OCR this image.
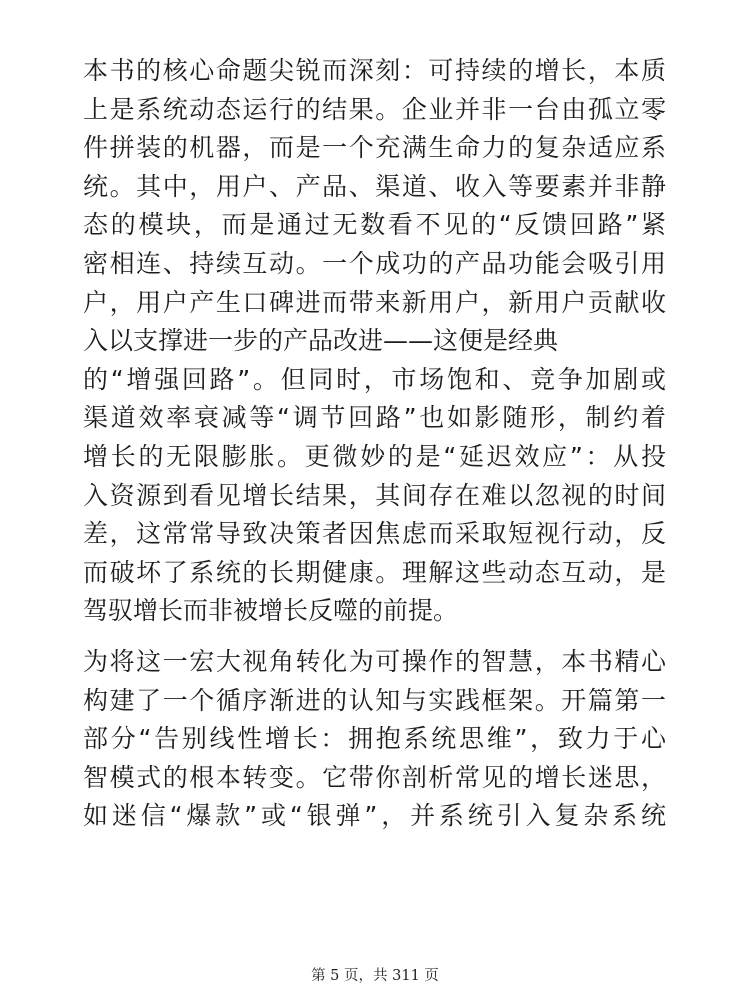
本书的核心命题尖锐而深刻：可持续的增长，本质
上是系统动态运行的结果。企业并非一台由孤立零
件拼装的机器，而是一个充满生命力的复杂适应系
统。其中，用户、产品、渠道、收入等要素并非静
态的模块，而是通过无数看不见的“反馈回路”紧
密相连、持续互动。一个成功的产品功能会吸引用
户，用户产生口碑进而带来新用户，新用户贡献收
入以支撑进一步的产品改进——这便是经典
的“增强回路”。但同时，市场饱和、竞争加剧或
渠道效率衰减等“调节回路”也如影随形，制约着
增长的无限膨胀。更微妙的是“延迟效应”：从投
入资源到看见增长结果，其间存在难以忽视的时间
差，这常常导致决策者因焦虑而采取短视行动，反
而破坏了系统的长期健康。理解这些动态互动，是
驾驭增长而非被增长反噬的前提。

为将这一宏大视角转化为可操作的智慧，本书精心
构建了一个循序渐进的认知与实践框架。开篇第一
部分“告别线性增长：拥抱系统思维”，致力于心
智模式的根本转变。它带你剖析常见的增长迷思，
如迷信“爆款”或“银弹”，并系统引入复杂系统

第 5 页，共 311 页
